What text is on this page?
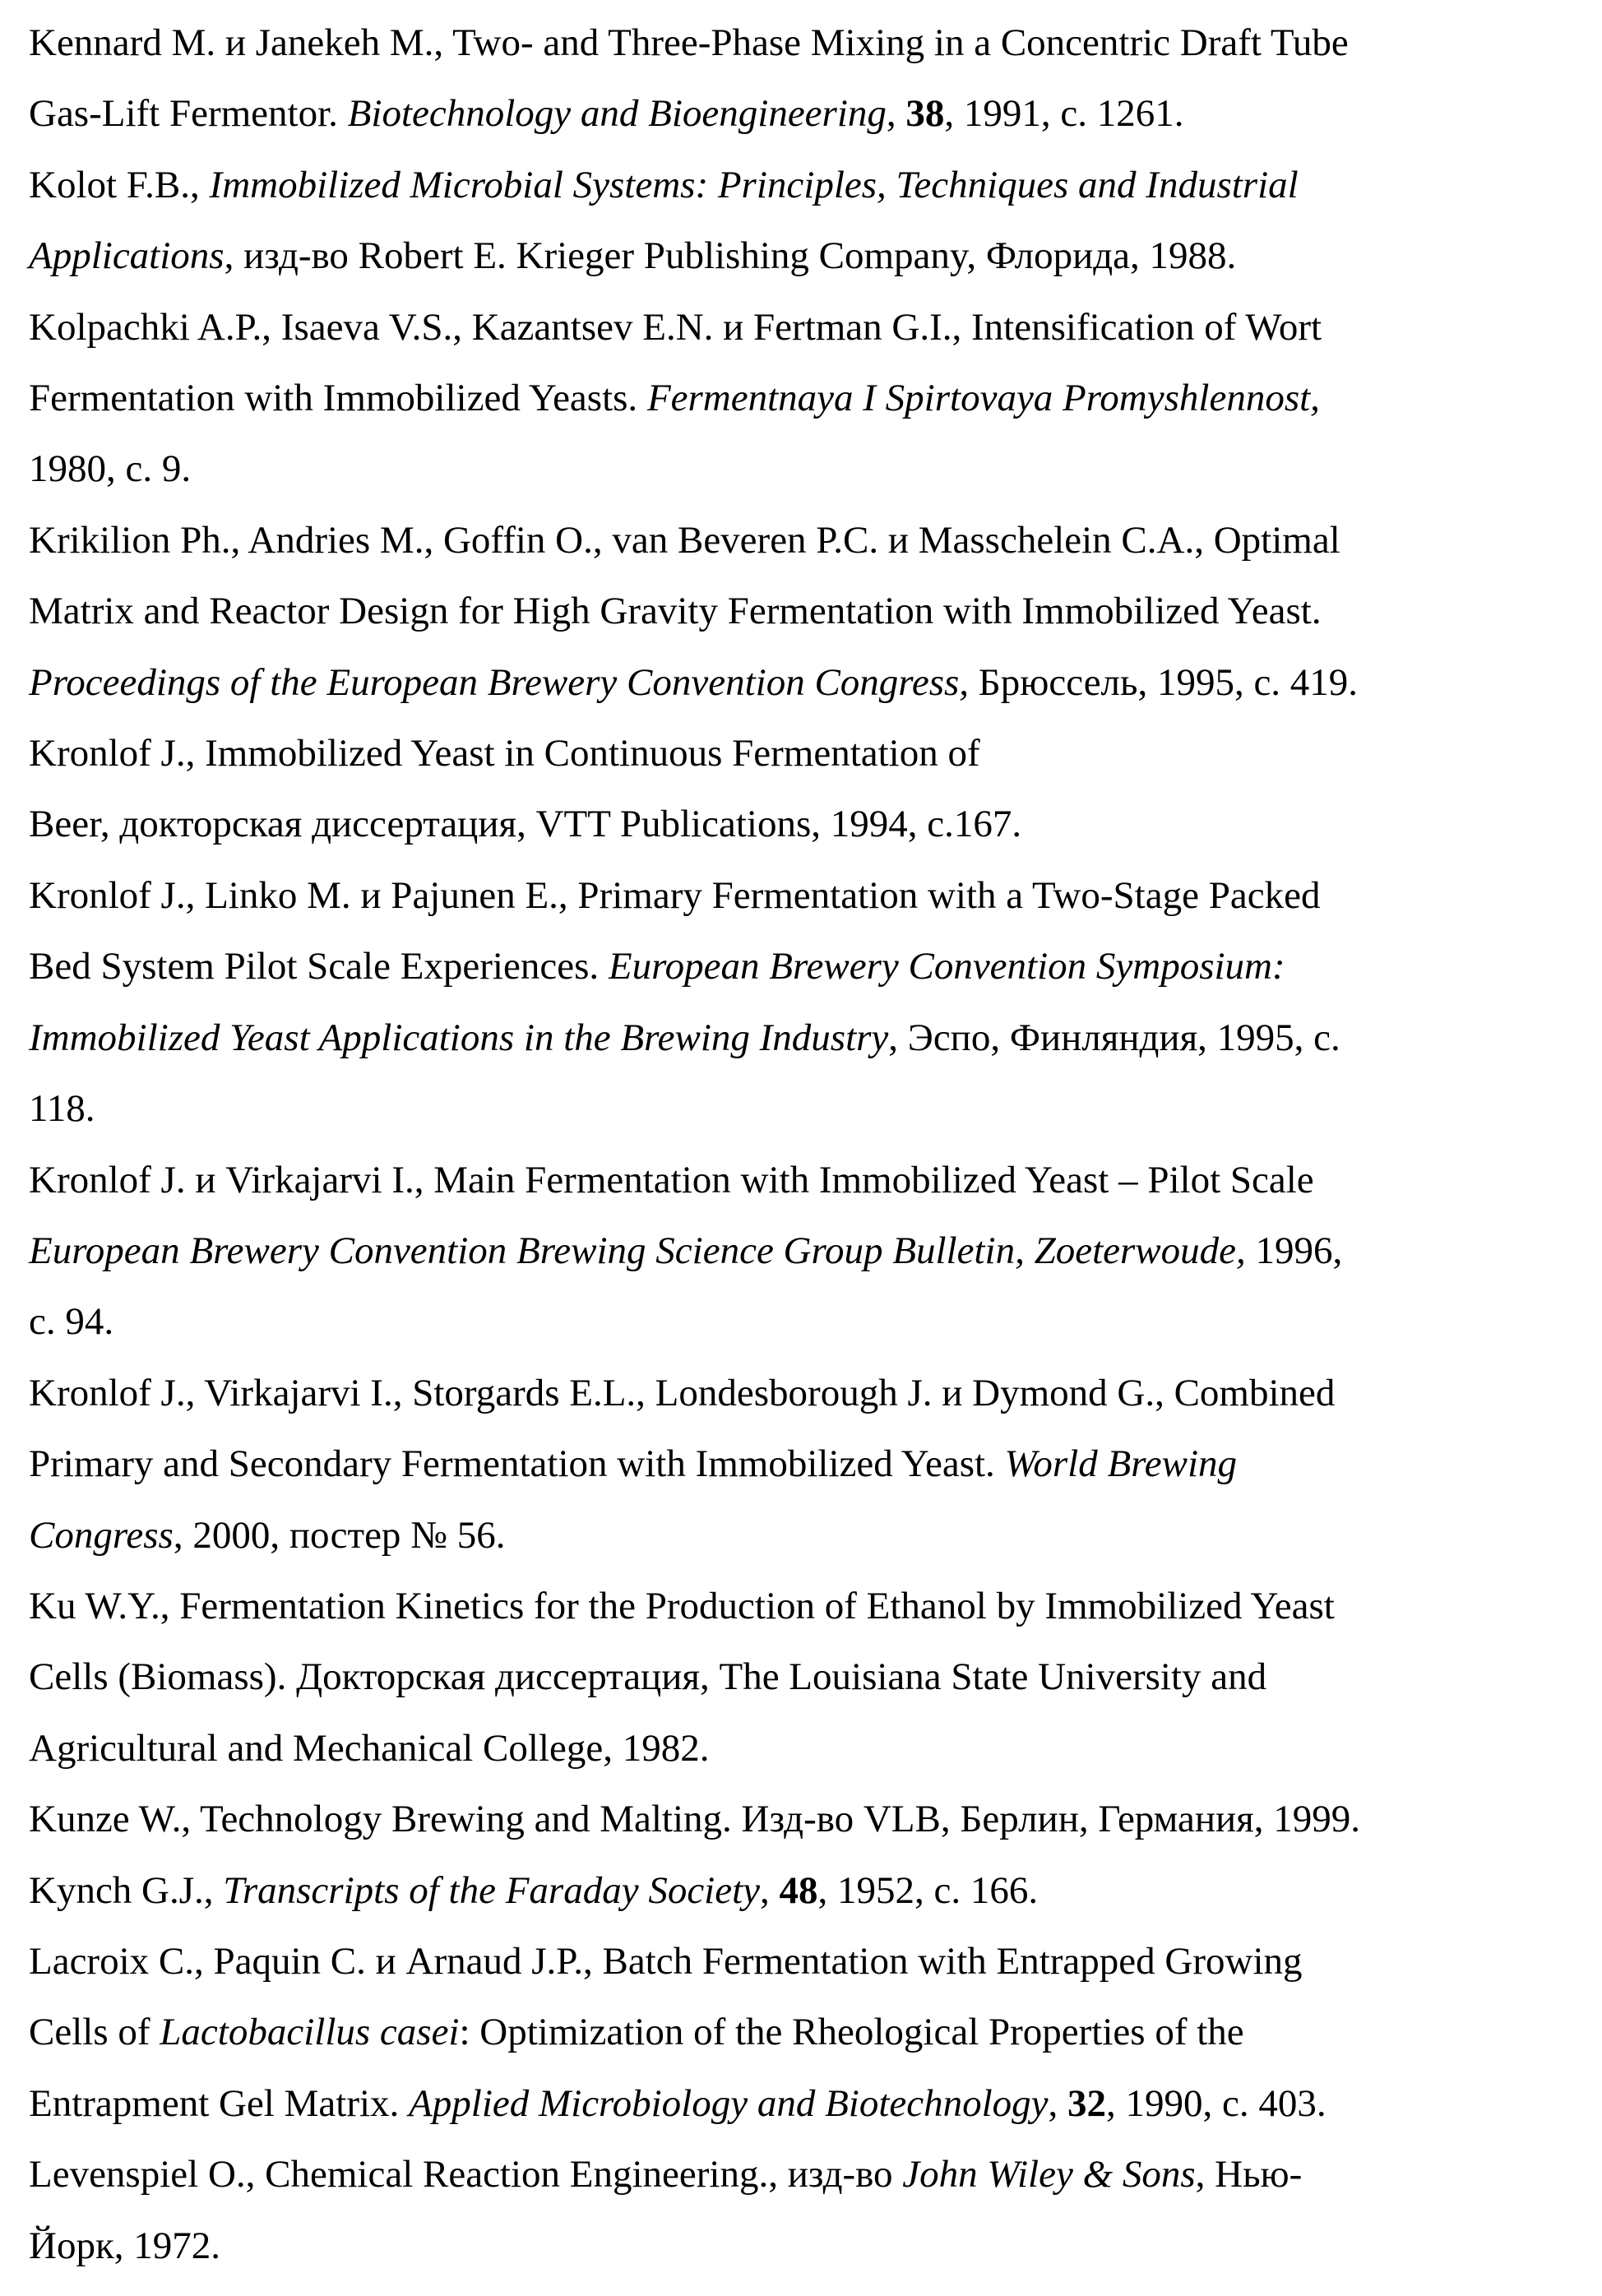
Kennard M. и Janekeh M., Two- and Three-Phase Mixing in a Concentric Draft Tube
Gas-Lift Fermentor. Biotechnology and Bioengineering, 38, 1991, с. 1261.
Kolot F.B., Immobilized Microbial Systems: Principles, Techniques and Industrial
Applications, изд-во Robert E. Krieger Publishing Company, Флорида, 1988.
Kolpachki A.P., Isaeva V.S., Kazantsev E.N. и Fertman G.I., Intensification of Wort
Fermentation with Immobilized Yeasts. Fermentnaya I Spirtovaya Promyshlennost,
1980, с. 9.
Krikilion Ph., Andries M., Goffin O., van Beveren P.C. и Masschelein C.A., Optimal
Matrix and Reactor Design for High Gravity Fermentation with Immobilized Yeast.
Proceedings of the European Brewery Convention Congress, Брюссель, 1995, с. 419.
Kronlof J., Immobilized Yeast in Continuous Fermentation of
Beer, докторская диссертация, VTT Publications, 1994, с.167.
Kronlof J., Linko M. и Pajunen E., Primary Fermentation with a Two-Stage Packed
Bed System Pilot Scale Experiences. European Brewery Convention Symposium:
Immobilized Yeast Applications in the Brewing Industry, Эспо, Финляндия, 1995, с.
118.
Kronlof J. и Virkajarvi I., Main Fermentation with Immobilized Yeast – Pilot Scale
European Brewery Convention Brewing Science Group Bulletin, Zoeterwoude, 1996,
с. 94.
Kronlof J., Virkajarvi I., Storgards E.L., Londesborough J. и Dymond G., Combined
Primary and Secondary Fermentation with Immobilized Yeast. World Brewing
Congress, 2000, постер № 56.
Ku W.Y., Fermentation Kinetics for the Production of Ethanol by Immobilized Yeast
Cells (Biomass). Докторская диссертация, The Louisiana State University and
Agricultural and Mechanical College, 1982.
Kunze W., Technology Brewing and Malting. Изд-во VLB, Берлин, Германия, 1999.
Kynch G.J., Transcripts of the Faraday Society, 48, 1952, с. 166.
Lacroix C., Paquin C. и Arnaud J.P., Batch Fermentation with Entrapped Growing
Cells of Lactobacillus casei: Optimization of the Rheological Properties of the
Entrapment Gel Matrix. Applied Microbiology and Biotechnology, 32, 1990, с. 403.
Levenspiel O., Chemical Reaction Engineering., изд-во John Wiley & Sons, Нью-
Йорк, 1972.
